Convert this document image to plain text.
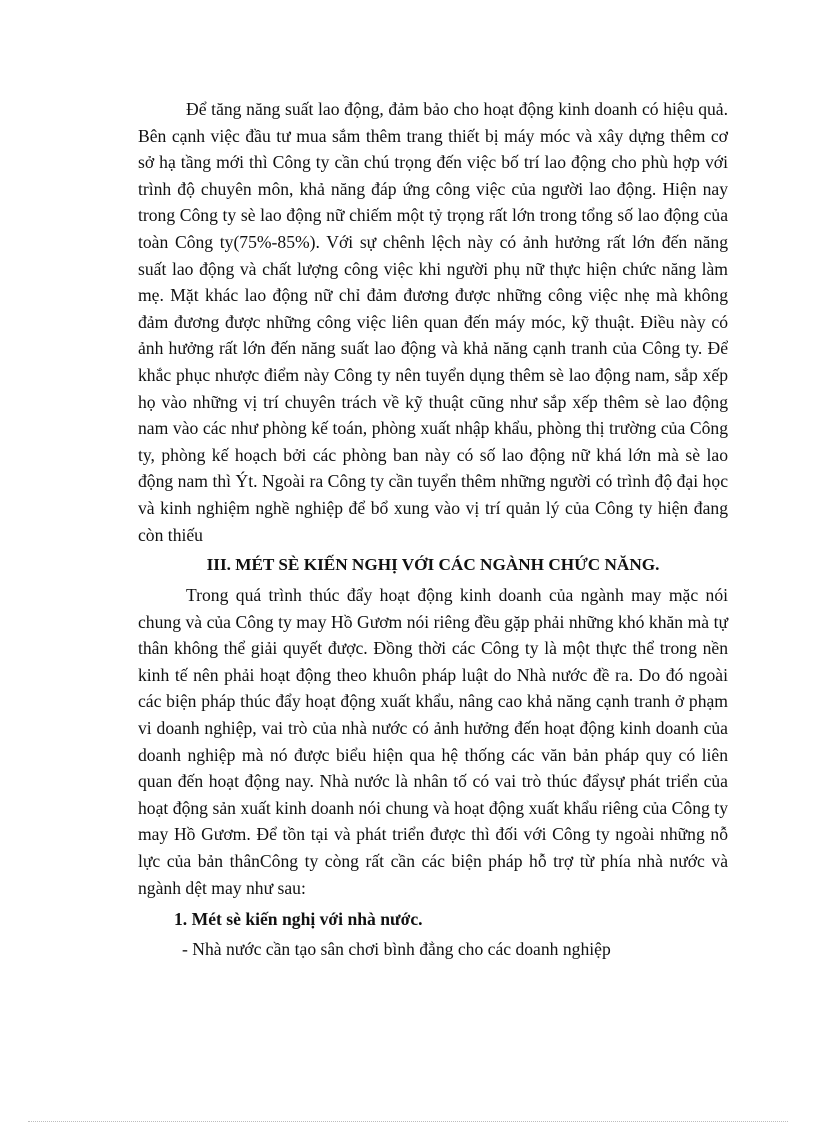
Để tăng năng suất lao động, đảm bảo cho hoạt động kinh doanh có hiệu quả. Bên cạnh việc đầu tư mua sắm thêm trang thiết bị máy móc và xây dựng thêm cơ sở hạ tầng mới thì Công ty cần chú trọng đến việc bố trí lao động cho phù hợp với trình độ chuyên môn, khả năng đáp ứng công việc của người lao động. Hiện nay trong Công ty sè lao động nữ chiếm một tỷ trọng rất lớn trong tổng số lao động của toàn Công ty(75%-85%). Với sự chênh lệch này có ảnh hưởng rất lớn đến năng suất lao động và chất lượng công việc khi người phụ nữ thực hiện chức năng làm mẹ. Mặt khác lao động nữ chỉ đảm đương được những công việc nhẹ mà không đảm đương được những công việc liên quan đến máy móc, kỹ thuật. Điều này có ảnh hưởng rất lớn đến năng suất lao động và khả năng cạnh tranh của Công ty. Để khắc phục nhược điểm này Công ty nên tuyển dụng thêm sè lao động nam, sắp xếp họ vào những vị trí chuyên trách về kỹ thuật cũng như sắp xếp thêm sè lao động nam vào các như phòng kế toán, phòng xuất nhập khẩu, phòng thị trường của Công ty, phòng kế hoạch bởi các phòng ban này có số lao động nữ khá lớn mà sè lao động nam thì Ýt. Ngoài ra Công ty cần tuyển thêm những người có trình độ đại học và kinh nghiệm nghề nghiệp để bổ xung vào vị trí quản lý của Công ty hiện đang còn thiếu

III. MÉT SÈ KIẾN NGHỊ VỚI CÁC NGÀNH CHỨC NĂNG.

Trong quá trình thúc đẩy hoạt động kinh doanh của ngành may mặc nói chung và của Công ty may Hồ Gươm nói riêng đều gặp phải những khó khăn mà tự thân không thể giải quyết được. Đồng thời các Công ty là một thực thể trong nền kinh tế nên phải hoạt động theo khuôn pháp luật do Nhà nước đề ra. Do đó ngoài các biện pháp thúc đẩy hoạt động xuất khẩu, nâng cao khả năng cạnh tranh ở phạm vi doanh nghiệp, vai trò của nhà nước có ảnh hưởng đến hoạt động kinh doanh của doanh nghiệp mà nó được biểu hiện qua hệ thống các văn bản pháp quy có liên quan đến hoạt động nay. Nhà nước là nhân tố có vai trò thúc đẩysự phát triển của hoạt động sản xuất kinh doanh nói chung và hoạt động xuất khẩu riêng của Công ty may Hồ Gươm. Để tồn tại và phát triển được thì đối với Công ty ngoài những nỗ lực của bản thânCông ty còng rất cần các biện pháp hỗ trợ từ phía nhà nước và ngành dệt may như sau:

1. Mét sè kiến nghị với nhà nước.

- Nhà nước cần tạo sân chơi bình đẳng cho các doanh nghiệp
